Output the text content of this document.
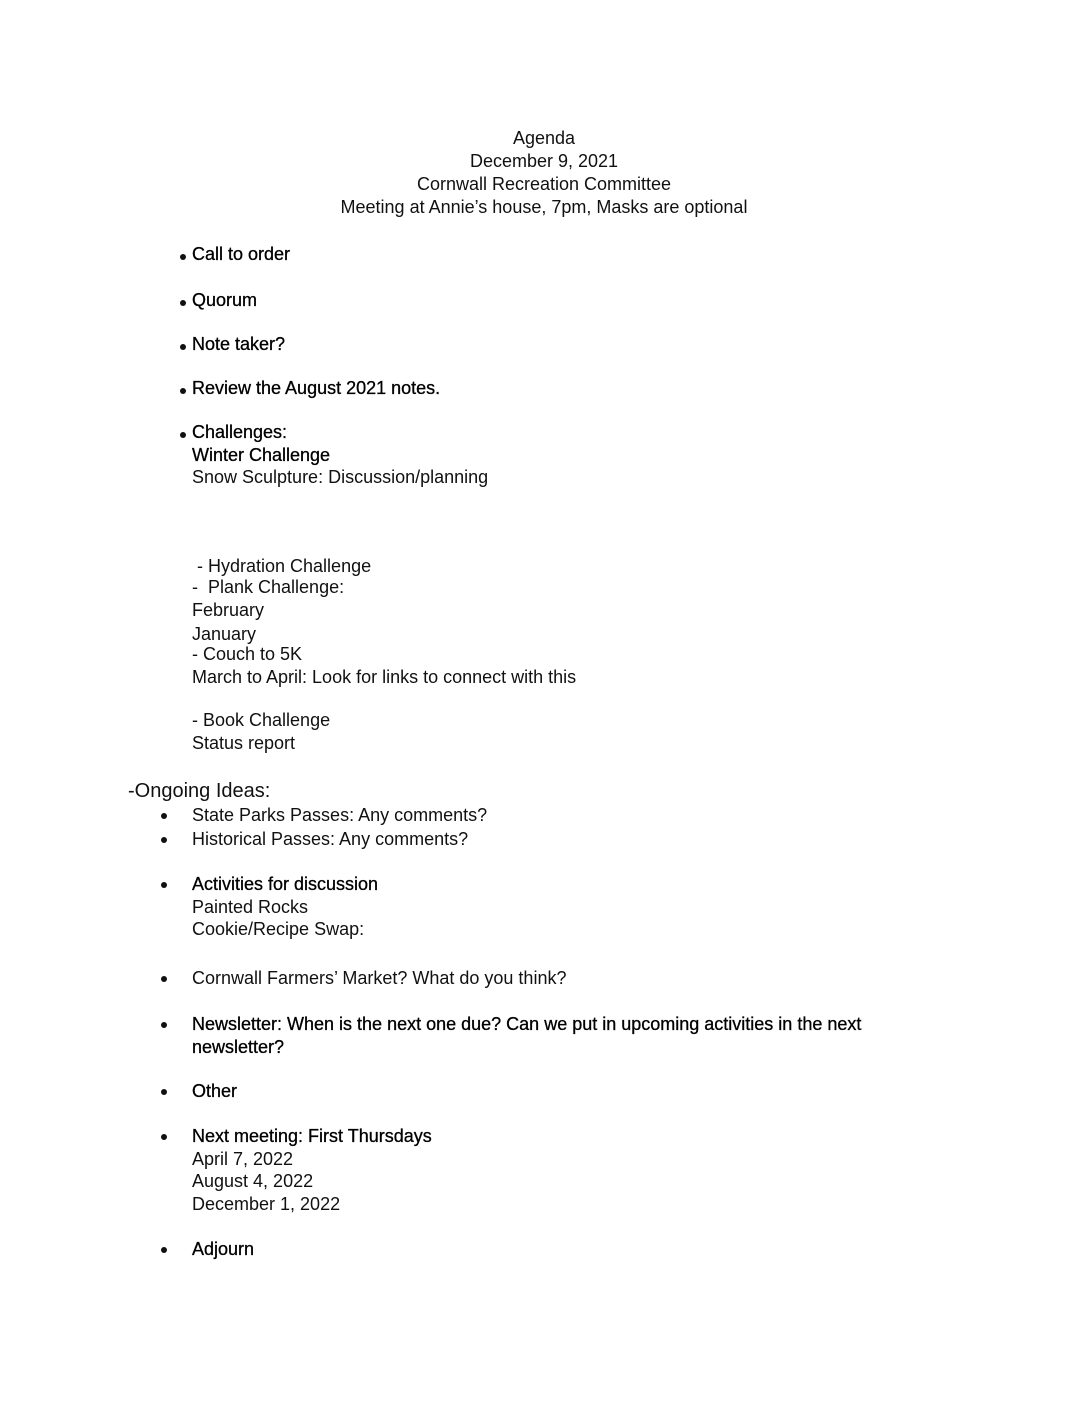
Agenda
December 9, 2021
Cornwall Recreation Committee
Meeting at Annie’s house, 7pm, Masks are optional
Call to order
Quorum
Note taker?
Review the August 2021 notes.
Challenges:
Winter Challenge
Snow Sculpture: Discussion/planning

- Hydration Challenge

January

-  Plank Challenge:
February
- Couch to 5K
March to April: Look for links to connect with this
- Book Challenge
Status report
-Ongoing Ideas:
State Parks Passes: Any comments?
Historical Passes: Any comments?
Activities for discussion
Painted Rocks
Cookie/Recipe Swap:
Cornwall Farmers’ Market? What do you think?
Newsletter: When is the next one due? Can we put in upcoming activities in the next
newsletter?
Other
Next meeting: First Thursdays
April 7, 2022
August 4, 2022
December 1, 2022
Adjourn
